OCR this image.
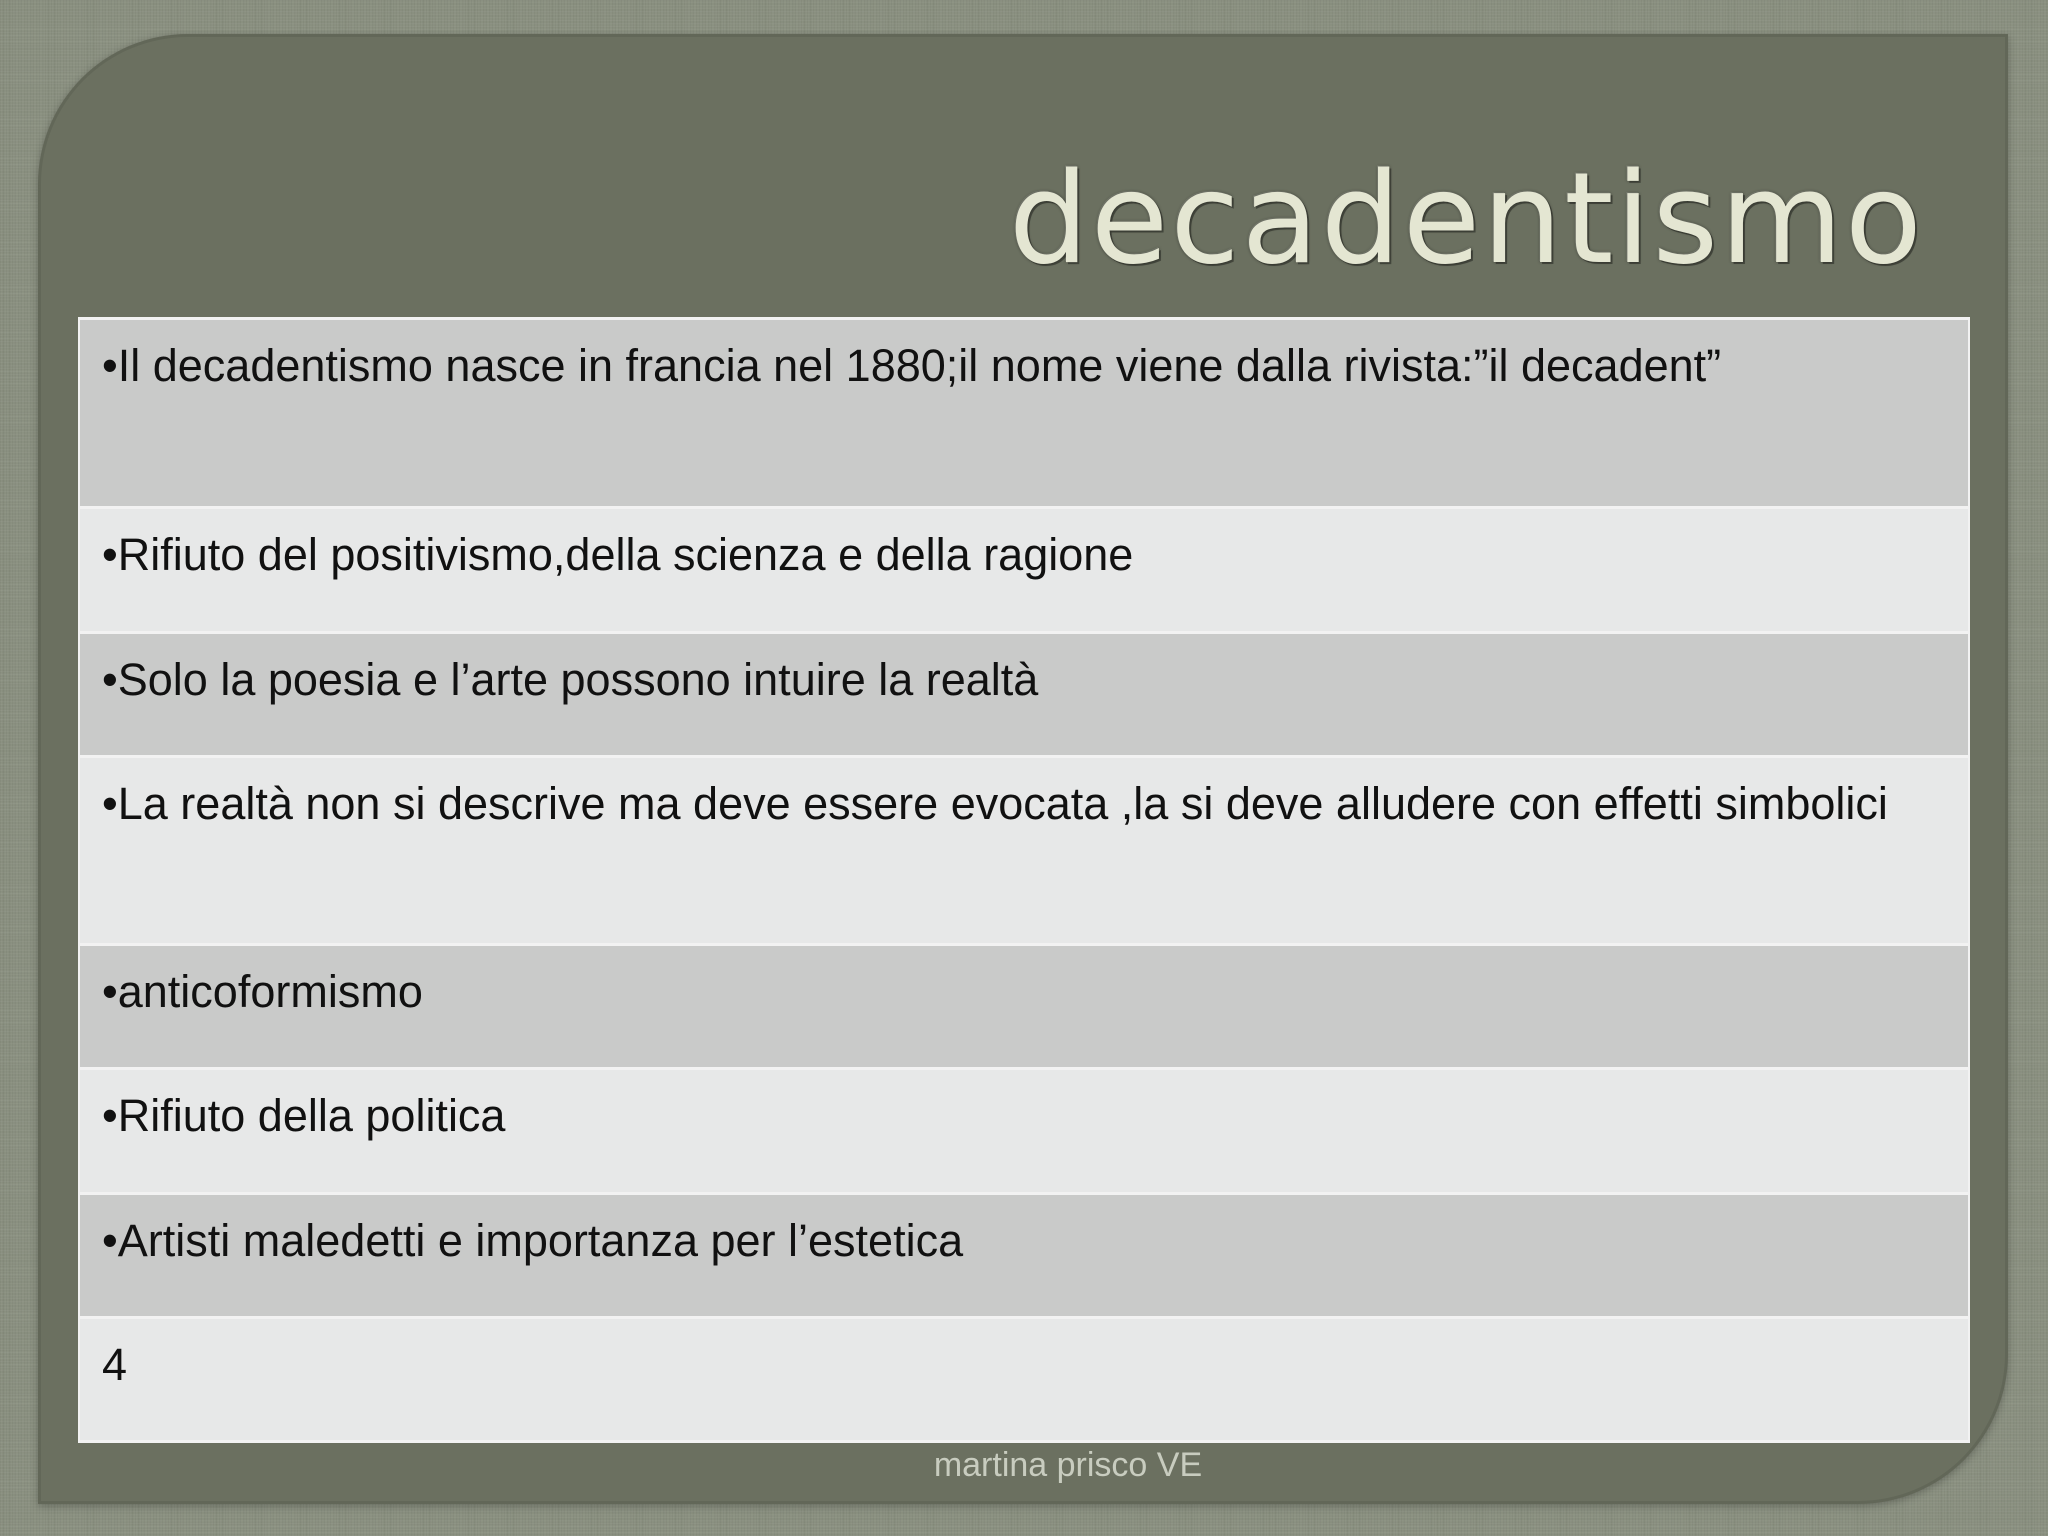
decadentismo
•Il decadentismo nasce in francia nel 1880;il nome viene dalla rivista:”il decadent”
•Rifiuto del positivismo,della scienza e della ragione
•Solo la poesia e l’arte possono intuire la realtà
•La realtà non si descrive ma deve essere evocata ,la si deve alludere con effetti simbolici
•anticoformismo
•Rifiuto della politica
•Artisti maledetti e importanza per l’estetica
4
martina prisco VE
